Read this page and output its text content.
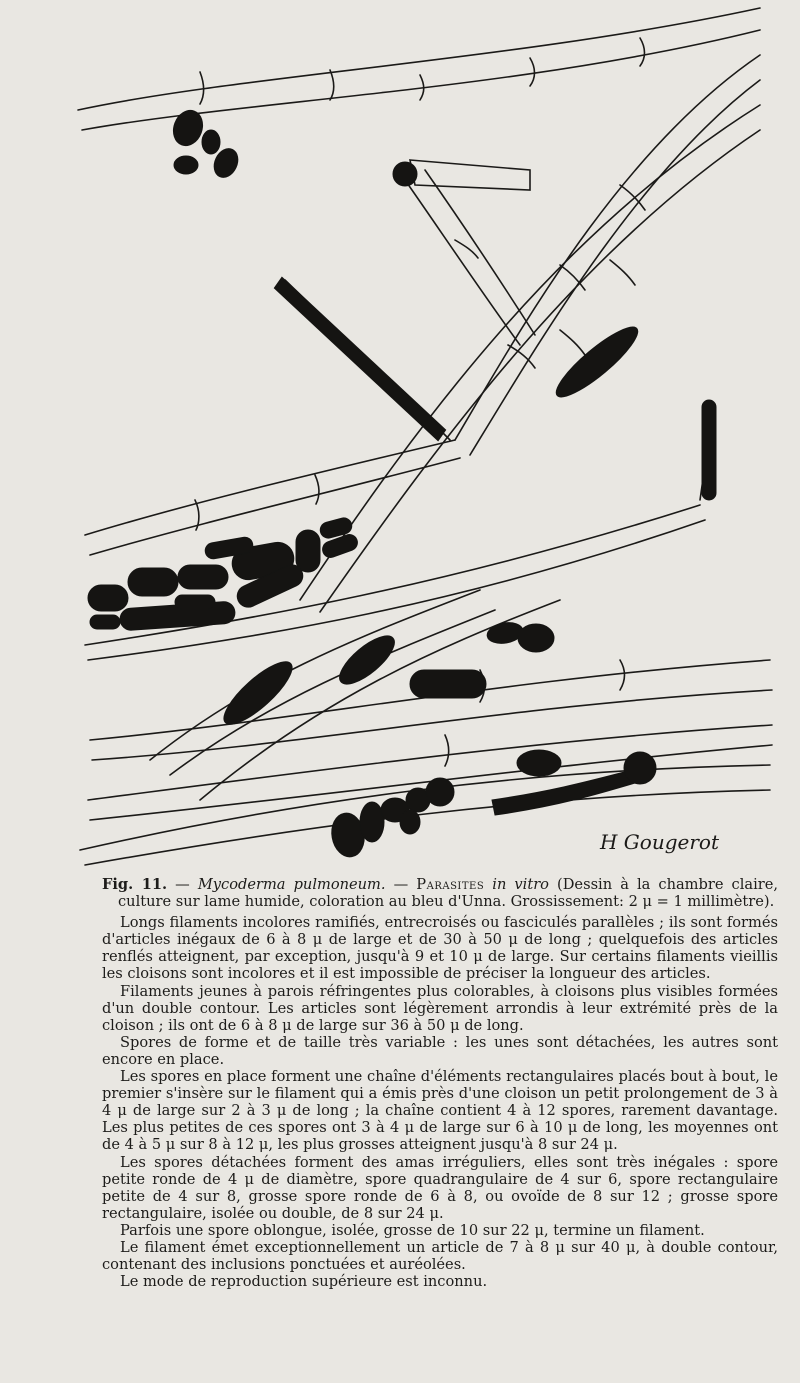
H Gougerot

Fig. 11. — Mycoderma pulmoneum. — Parasites in vitro (Dessin à la chambre claire, culture sur lame humide, coloration au bleu d'Unna. Grossissement: 2 μ = 1 millimètre).

Longs filaments incolores ramifiés, entrecroisés ou fasciculés parallèles ; ils sont formés d'articles inégaux de 6 à 8 μ de large et de 30 à 50 μ de long ; quelquefois des articles renflés atteignent, par exception, jusqu'à 9 et 10 μ de large. Sur certains filaments vieillis les cloisons sont incolores et il est impossible de préciser la longueur des articles.

Filaments jeunes à parois réfringentes plus colorables, à cloisons plus visibles formées d'un double contour. Les articles sont légèrement arrondis à leur extrémité près de la cloison ; ils ont de 6 à 8 μ de large sur 36 à 50 μ de long.

Spores de forme et de taille très variable : les unes sont détachées, les autres sont encore en place.

Les spores en place forment une chaîne d'éléments rectangulaires placés bout à bout, le premier s'insère sur le filament qui a émis près d'une cloison un petit prolongement de 3 à 4 μ de large sur 2 à 3 μ de long ; la chaîne contient 4 à 12 spores, rarement davantage. Les plus petites de ces spores ont 3 à 4 μ de large sur 6 à 10 μ de long, les moyennes ont de 4 à 5 μ sur 8 à 12 μ, les plus grosses atteignent jusqu'à 8 sur 24 μ.

Les spores détachées forment des amas irréguliers, elles sont très inégales : spore petite ronde de 4 μ de diamètre, spore quadrangulaire de 4 sur 6, spore rectangulaire petite de 4 sur 8, grosse spore ronde de 6 à 8, ou ovoïde de 8 sur 12 ; grosse spore rectangulaire, isolée ou double, de 8 sur 24 μ.

Parfois une spore oblongue, isolée, grosse de 10 sur 22 μ, termine un filament.

Le filament émet exceptionnellement un article de 7 à 8 μ sur 40 μ, à double contour, contenant des inclusions ponctuées et auréolées.

Le mode de reproduction supérieure est inconnu.
